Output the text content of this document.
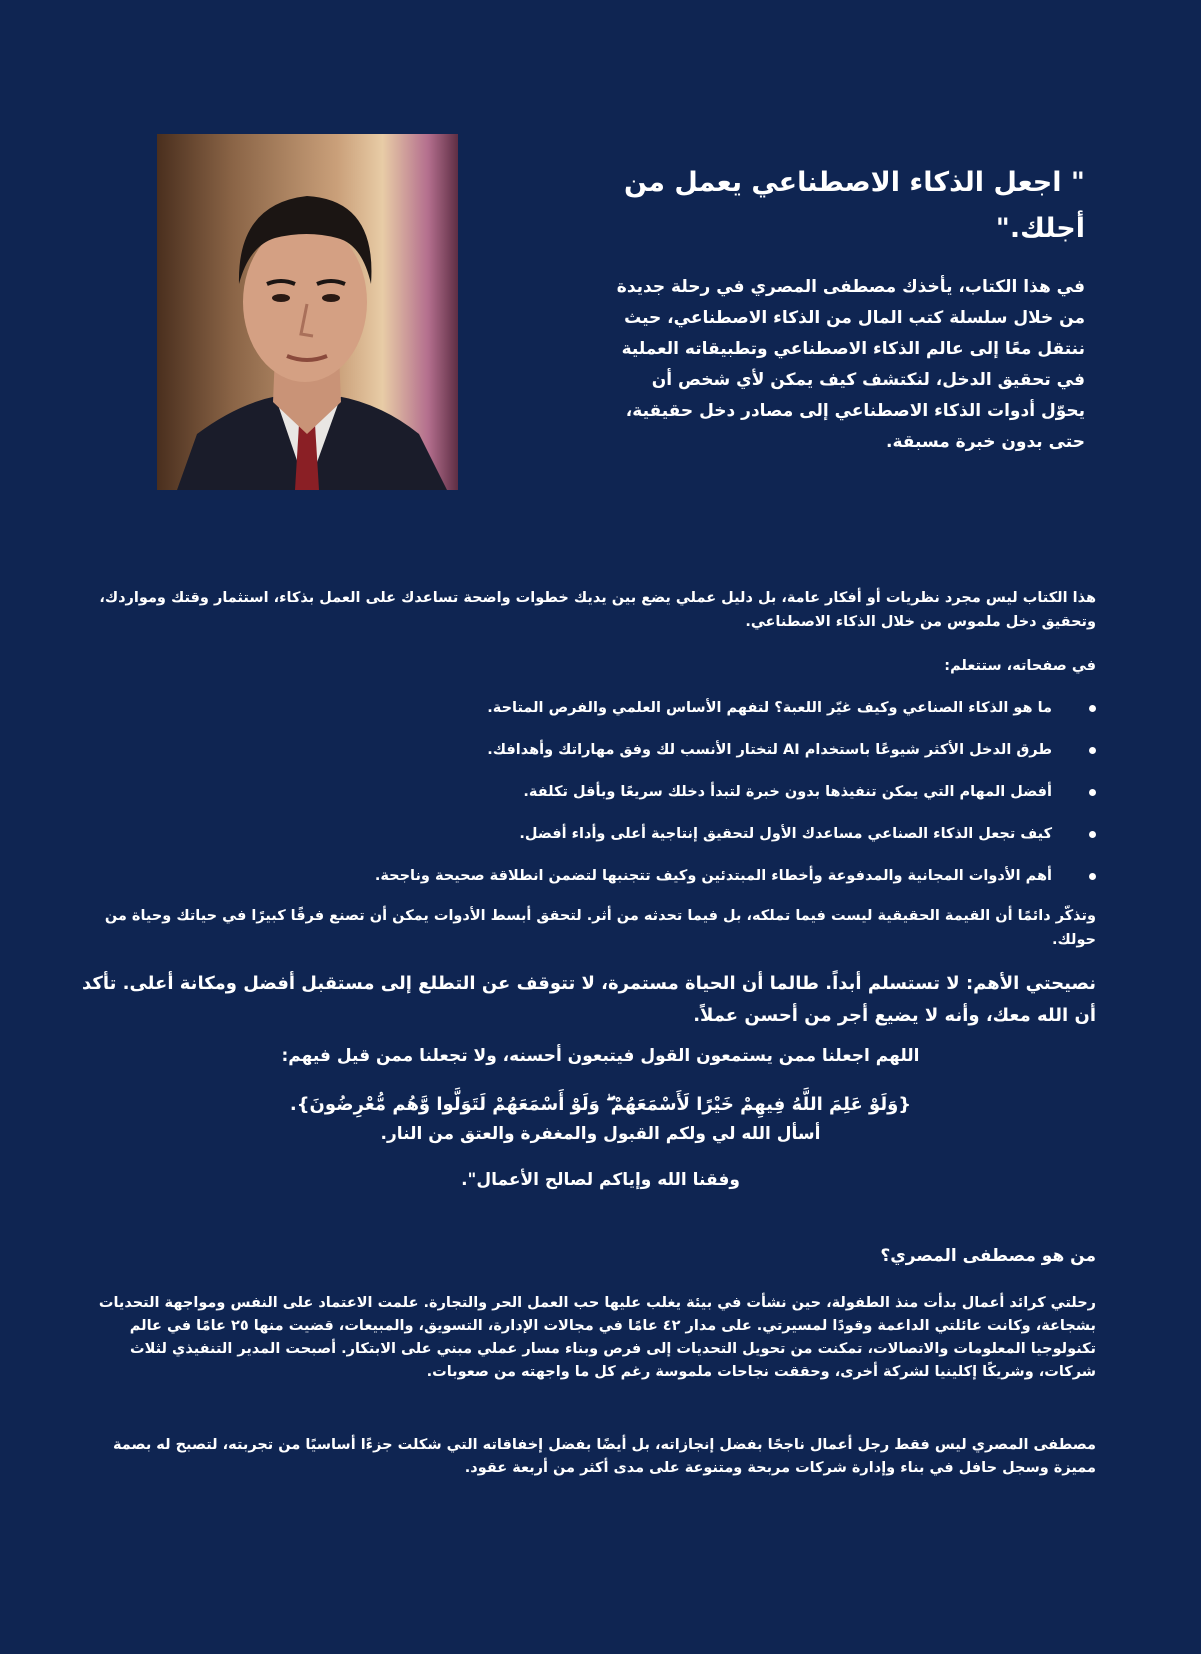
" اجعل الذكاء الاصطناعي يعمل من أجلك."
في هذا الكتاب، يأخذك مصطفى المصري في رحلة جديدة من خلال سلسلة كتب المال من الذكاء الاصطناعي، حيث ننتقل معًا إلى عالم الذكاء الاصطناعي وتطبيقاته العملية في تحقيق الدخل، لنكتشف كيف يمكن لأي شخص أن يحوّل أدوات الذكاء الاصطناعي إلى مصادر دخل حقيقية، حتى بدون خبرة مسبقة.
هذا الكتاب ليس مجرد نظريات أو أفكار عامة، بل دليل عملي يضع بين يديك خطوات واضحة تساعدك على العمل بذكاء، استثمار وقتك ومواردك، وتحقيق دخل ملموس من خلال الذكاء الاصطناعي.
في صفحاته، ستتعلم:
ما هو الذكاء الصناعي وكيف غيّر اللعبة؟ لتفهم الأساس العلمي والفرص المتاحة.
طرق الدخل الأكثر شيوعًا باستخدام AI لتختار الأنسب لك وفق مهاراتك وأهدافك.
أفضل المهام التي يمكن تنفيذها بدون خبرة لتبدأ دخلك سريعًا وبأقل تكلفة.
كيف تجعل الذكاء الصناعي مساعدك الأول لتحقيق إنتاجية أعلى وأداء أفضل.
أهم الأدوات المجانية والمدفوعة وأخطاء المبتدئين وكيف تتجنبها لتضمن انطلاقة صحيحة وناجحة.
وتذكّر دائمًا أن القيمة الحقيقية ليست فيما تملكه، بل فيما تحدثه من أثر. لتحقق أبسط الأدوات يمكن أن تصنع فرقًا كبيرًا في حياتك وحياة من حولك.
نصيحتي الأهم: لا تستسلم أبداً. طالما أن الحياة مستمرة، لا تتوقف عن التطلع إلى مستقبل أفضل ومكانة أعلى. تأكد أن الله معك، وأنه لا يضيع أجر من أحسن عملاً.
اللهم اجعلنا ممن يستمعون القول فيتبعون أحسنه، ولا تجعلنا ممن قيل فيهم:
{وَلَوْ عَلِمَ اللَّهُ فِيهِمْ خَيْرًا لَأَسْمَعَهُمْ ۖ وَلَوْ أَسْمَعَهُمْ لَتَوَلَّوا وَّهُم مُّعْرِضُونَ}.
أسأل الله لي ولكم القبول والمغفرة والعتق من النار.
وفقنا الله وإياكم لصالح الأعمال".
من هو مصطفى المصري؟
رحلتي كرائد أعمال بدأت منذ الطفولة، حين نشأت في بيئة يغلب عليها حب العمل الحر والتجارة. علمت الاعتماد على النفس ومواجهة التحديات بشجاعة، وكانت عائلتي الداعمة وقودًا لمسيرتي. على مدار ٤٢ عامًا في مجالات الإدارة، التسويق، والمبيعات، قضيت منها ٢٥ عامًا في عالم تكنولوجيا المعلومات والاتصالات، تمكنت من تحويل التحديات إلى فرص وبناء مسار عملي مبني على الابتكار. أصبحت المدير التنفيذي لثلاث شركات، وشريكًا إكلينيا لشركة أخرى، وحققت نجاحات ملموسة رغم كل ما واجهته من صعوبات.
مصطفى المصري ليس فقط رجل أعمال ناجحًا بفضل إنجازاته، بل أيضًا بفضل إخفاقاته التي شكلت جزءًا أساسيًا من تجربته، لتصبح له بصمة مميزة وسجل حافل في بناء وإدارة شركات مربحة ومتنوعة على مدى أكثر من أربعة عقود.
